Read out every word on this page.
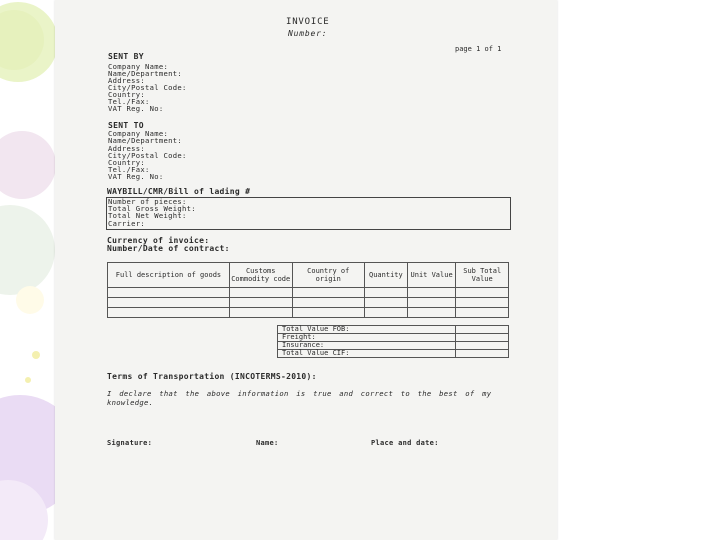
INVOICE
Number:
page 1 of 1
SENT BY
Company Name:
Name/Department:
Address:
City/Postal Code:
Country:
Tel./Fax:
VAT Reg. No:
SENT TO
Company Name:
Name/Department:
Address:
City/Postal Code:
Country:
Tel./Fax:
VAT Reg. No:
WAYBILL/CMR/Bill of lading #
Number of pieces:
Total Gross Weight:
Total Net Weight:
Carrier:
Currency of invoice:
Number/Date of contract:
Full description of goods	Customs Commodity code	Country of origin	Quantity	Unit Value	Sub Total Value

Total Value FOB:	
Freight:	
Insurance:	
Total Value CIF:	
Terms of Transportation (INCOTERMS-2010):
I declare that the above information is true and correct to the best of my knowledge.
Signature:	Name:	Place and date:
